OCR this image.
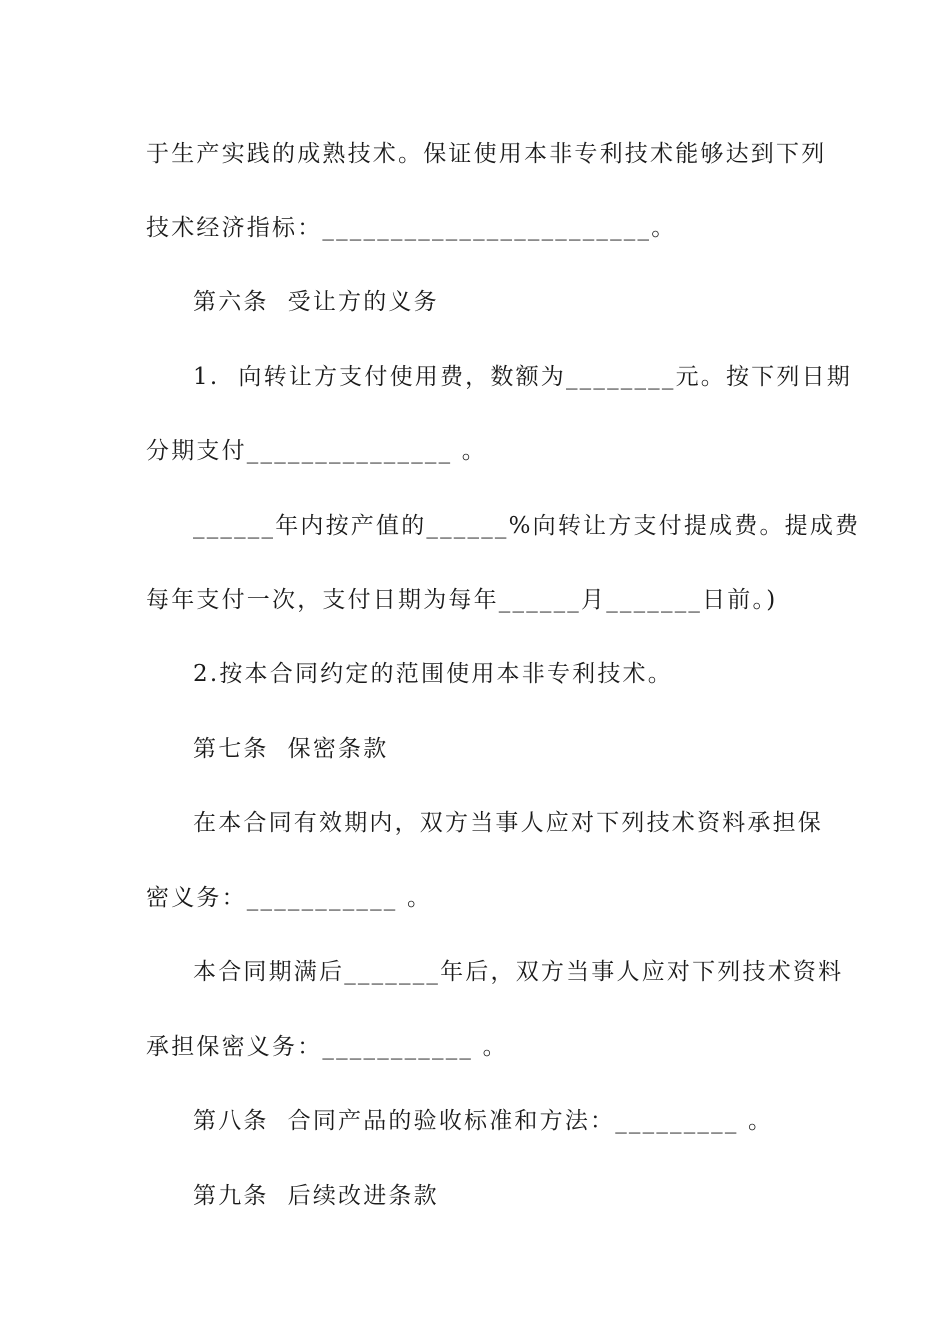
于生产实践的成熟技术。保证使用本非专利技术能够达到下列
技术经济指标：________________________。
第六条  受让方的义务
1.  向转让方支付使用费，数额为________元。按下列日期
分期支付_______________ 。
______年内按产值的______%向转让方支付提成费。提成费
每年支付一次，支付日期为每年______月_______日前。)
2.按本合同约定的范围使用本非专利技术。
第七条  保密条款
在本合同有效期内，双方当事人应对下列技术资料承担保
密义务：___________ 。
本合同期满后_______年后，双方当事人应对下列技术资料
承担保密义务：___________ 。
第八条  合同产品的验收标准和方法：_________ 。
第九条  后续改进条款
